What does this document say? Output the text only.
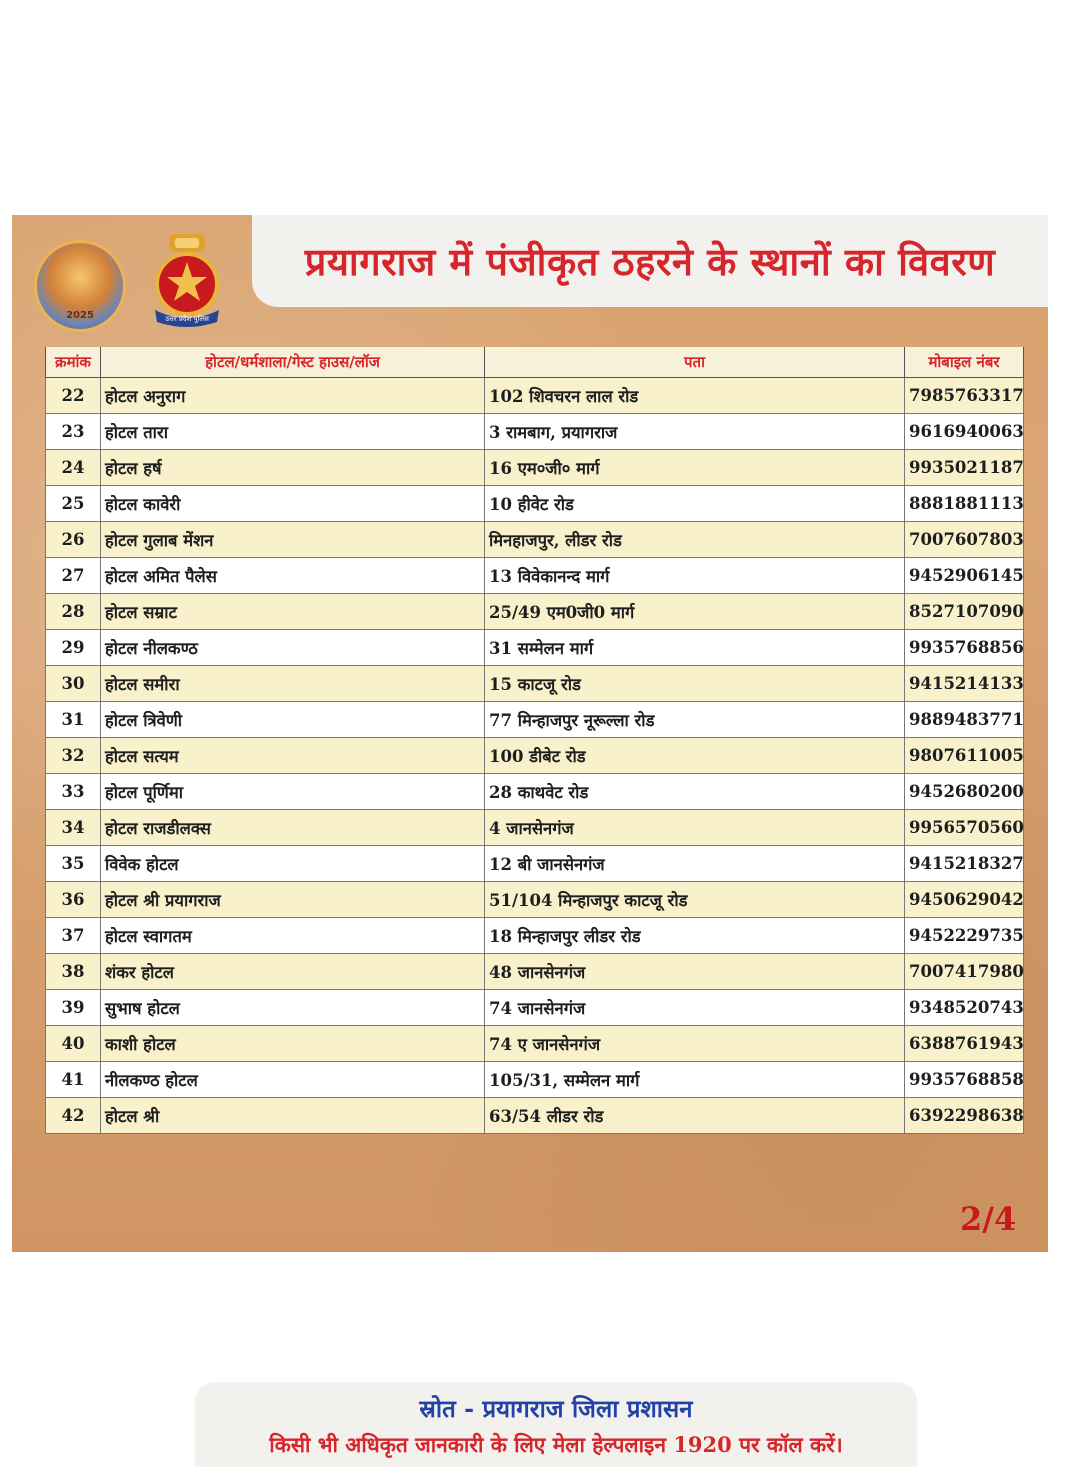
2025	उत्तर प्रदेश पुलिस
प्रयागराज में पंजीकृत ठहरने के स्थानों का विवरण
क्रमांक	होटल/धर्मशाला/गेस्ट हाउस/लॉज	पता	मोबाइल नंबर
22	होटल अनुराग	102 शिवचरन लाल रोड	7985763317
23	होटल तारा	3 रामबाग, प्रयागराज	9616940063
24	होटल हर्ष	16 एम०जी० मार्ग	9935021187
25	होटल कावेरी	10 हीवेट रोड	8881881113
26	होटल गुलाब मेंशन	मिनहाजपुर, लीडर रोड	7007607803
27	होटल अमित पैलेस	13 विवेकानन्द मार्ग	9452906145
28	होटल सम्राट	25/49 एम0जी0 मार्ग	8527107090
29	होटल नीलकण्ठ	31 सम्मेलन मार्ग	9935768856
30	होटल समीरा	15 काटजू रोड	9415214133
31	होटल त्रिवेणी	77 मिन्हाजपुर नूरूल्ला रोड	9889483771
32	होटल सत्यम	100 डीबेट रोड	9807611005
33	होटल पूर्णिमा	28 काथवेट रोड	9452680200
34	होटल राजडीलक्स	4 जानसेनगंज	9956570560
35	विवेक होटल	12 बी जानसेनगंज	9415218327
36	होटल श्री प्रयागराज	51/104 मिन्हाजपुर काटजू रोड	9450629042
37	होटल स्वागतम	18 मिन्हाजपुर लीडर रोड	9452229735
38	शंकर होटल	48 जानसेनगंज	7007417980
39	सुभाष होटल	74 जानसेनगंज	9348520743
40	काशी होटल	74 ए जानसेनगंज	6388761943
41	नीलकण्ठ होटल	105/31, सम्मेलन मार्ग	9935768858
42	होटल श्री	63/54 लीडर रोड	6392298638
स्रोत - प्रयागराज जिला प्रशासन
किसी भी अधिकृत जानकारी के लिए मेला हेल्पलाइन 1920 पर कॉल करें।
2/4
